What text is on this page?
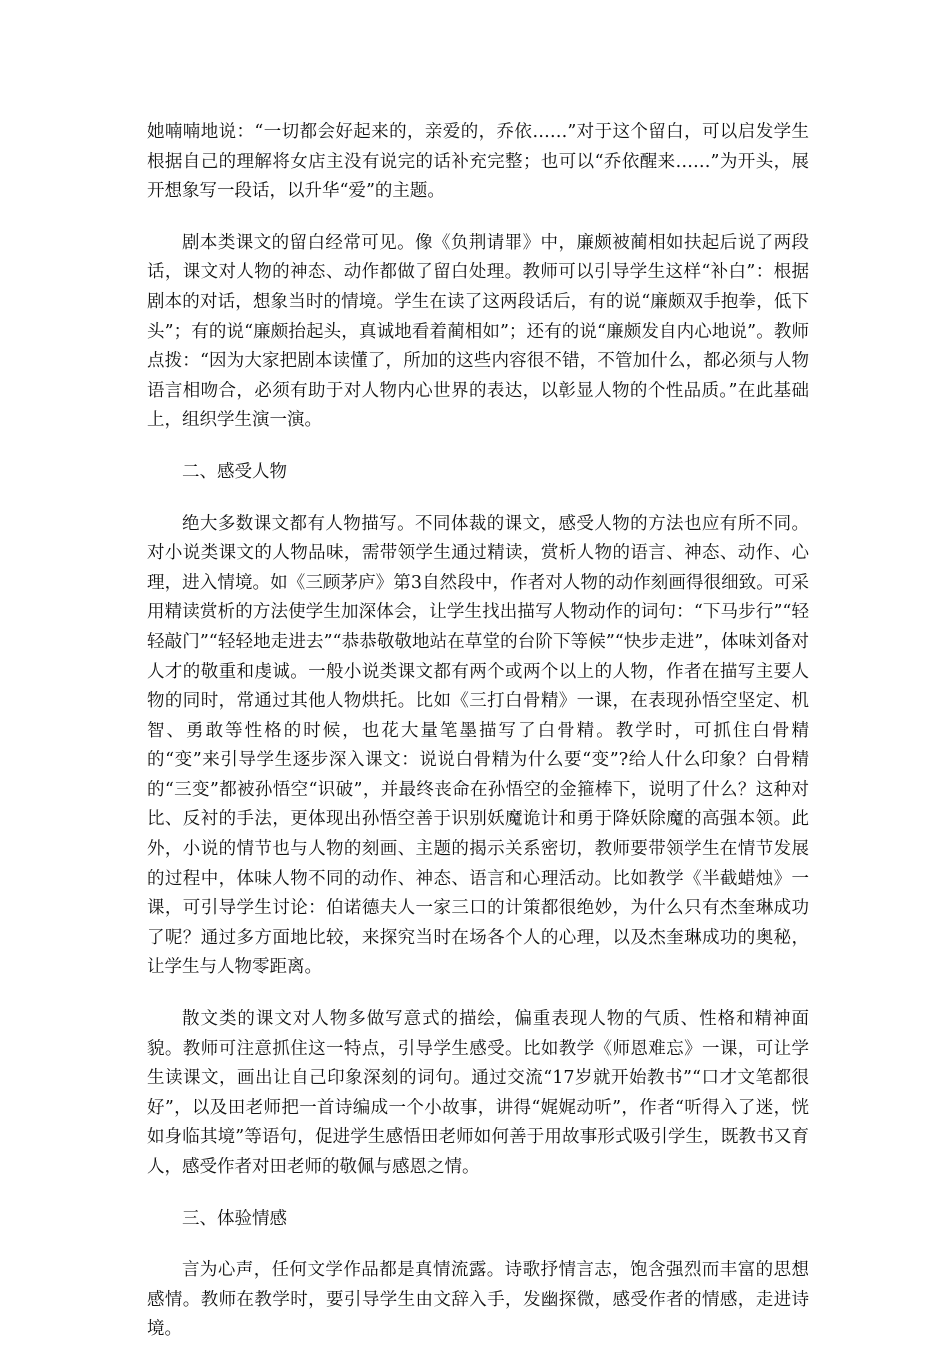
她喃喃地说：“一切都会好起来的，亲爱的，乔依……”对于这个留白，可以启发学生根据自己的理解将女店主没有说完的话补充完整；也可以“乔依醒来……”为开头，展开想象写一段话，以升华“爱”的主题。

剧本类课文的留白经常可见。像《负荆请罪》中，廉颇被蔺相如扶起后说了两段话，课文对人物的神态、动作都做了留白处理。教师可以引导学生这样“补白”：根据剧本的对话，想象当时的情境。学生在读了这两段话后，有的说“廉颇双手抱拳，低下头”；有的说“廉颇抬起头，真诚地看着蔺相如”；还有的说“廉颇发自内心地说”。教师点拨：“因为大家把剧本读懂了，所加的这些内容很不错，不管加什么，都必须与人物语言相吻合，必须有助于对人物内心世界的表达，以彰显人物的个性品质。”在此基础上，组织学生演一演。

二、感受人物

绝大多数课文都有人物描写。不同体裁的课文，感受人物的方法也应有所不同。对小说类课文的人物品味，需带领学生通过精读，赏析人物的语言、神态、动作、心理，进入情境。如《三顾茅庐》第3自然段中，作者对人物的动作刻画得很细致。可采用精读赏析的方法使学生加深体会，让学生找出描写人物动作的词句：“下马步行”“轻轻敲门”“轻轻地走进去”“恭恭敬敬地站在草堂的台阶下等候”“快步走进”，体味刘备对人才的敬重和虔诚。一般小说类课文都有两个或两个以上的人物，作者在描写主要人物的同时，常通过其他人物烘托。比如《三打白骨精》一课，在表现孙悟空坚定、机智、勇敢等性格的时候，也花大量笔墨描写了白骨精。教学时，可抓住白骨精的“变”来引导学生逐步深入课文：说说白骨精为什么要“变”?给人什么印象？白骨精的“三变”都被孙悟空“识破”，并最终丧命在孙悟空的金箍棒下，说明了什么？这种对比、反衬的手法，更体现出孙悟空善于识别妖魔诡计和勇于降妖除魔的高强本领。此外，小说的情节也与人物的刻画、主题的揭示关系密切，教师要带领学生在情节发展的过程中，体味人物不同的动作、神态、语言和心理活动。比如教学《半截蜡烛》一课，可引导学生讨论：伯诺德夫人一家三口的计策都很绝妙，为什么只有杰奎琳成功了呢？通过多方面地比较，来探究当时在场各个人的心理，以及杰奎琳成功的奥秘，让学生与人物零距离。

散文类的课文对人物多做写意式的描绘，偏重表现人物的气质、性格和精神面貌。教师可注意抓住这一特点，引导学生感受。比如教学《师恩难忘》一课，可让学生读课文，画出让自己印象深刻的词句。通过交流“17岁就开始教书”“口才文笔都很好”，以及田老师把一首诗编成一个小故事，讲得“娓娓动听”，作者“听得入了迷，恍如身临其境”等语句，促进学生感悟田老师如何善于用故事形式吸引学生，既教书又育人，感受作者对田老师的敬佩与感恩之情。

三、体验情感

言为心声，任何文学作品都是真情流露。诗歌抒情言志，饱含强烈而丰富的思想感情。教师在教学时，要引导学生由文辞入手，发幽探微，感受作者的情感，走进诗境。
